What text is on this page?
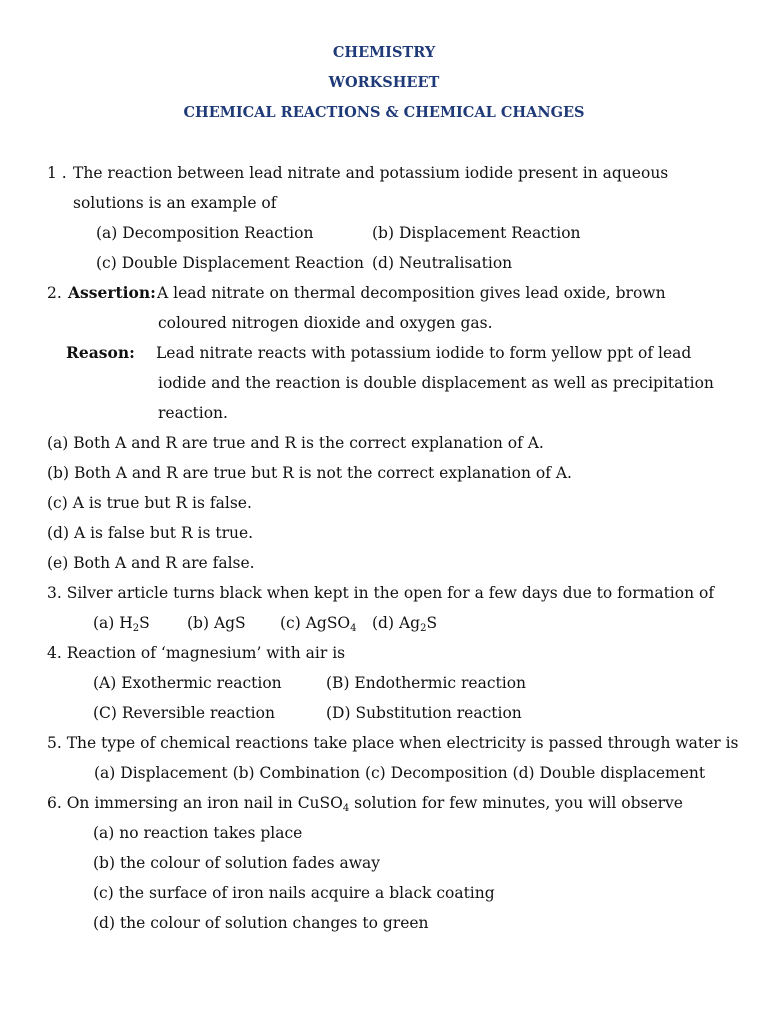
CHEMISTRY
WORKSHEET
CHEMICAL REACTIONS & CHEMICAL CHANGES
1 . The reaction between lead nitrate and potassium iodide present in aqueous
solutions is an example of
(a) Decomposition Reaction	(b) Displacement Reaction
(c) Double Displacement Reaction (d) Neutralisation
2. Assertion: A lead nitrate on thermal decomposition gives lead oxide, brown
coloured nitrogen dioxide and oxygen gas.
Reason: Lead nitrate reacts with potassium iodide to form yellow ppt of lead
iodide and the reaction is double displacement as well as precipitation
reaction.
(a) Both A and R are true and R is the correct explanation of A.
(b) Both A and R are true but R is not the correct explanation of A.
(c) A is true but R is false.
(d) A is false but R is true.
(e) Both A and R are false.
3. Silver article turns black when kept in the open for a few days due to formation of
(a) $H_2S$ (b) AgS (c) AgSO$_4$ (d) $Ag_2S$
4. Reaction of ‘magnesium’ with air is
(A) Exothermic reaction	(B) Endothermic reaction
(C) Reversible reaction	(D) Substitution reaction
5. The type of chemical reactions take place when electricity is passed through water is
(a) Displacement (b) Combination (c) Decomposition (d) Double displacement
6. On immersing an iron nail in CuSO$_4$ solution for few minutes, you will observe
(a) no reaction takes place
(b) the colour of solution fades away
(c) the surface of iron nails acquire a black coating
(d) the colour of solution changes to green
